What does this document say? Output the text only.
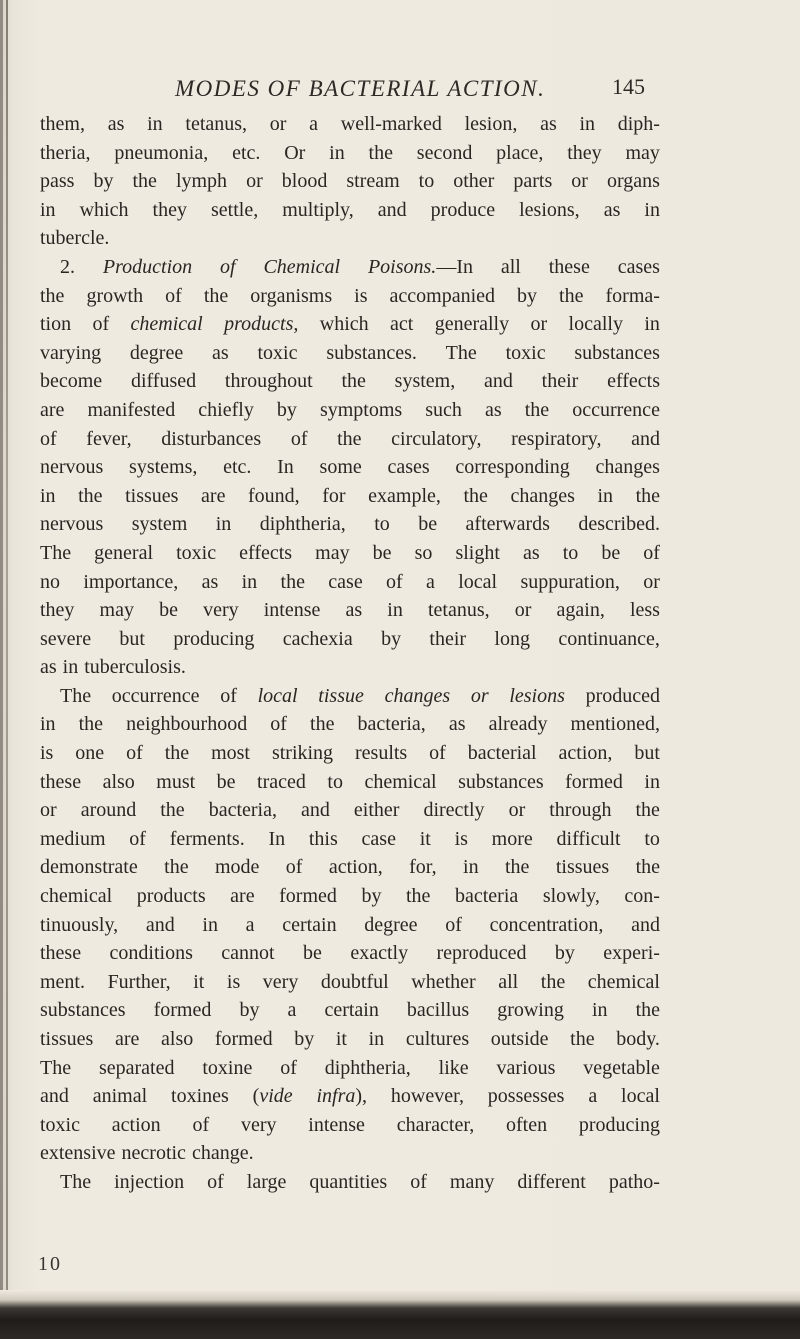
MODES OF BACTERIAL ACTION.	145
them, as in tetanus, or a well-marked lesion, as in diph-
theria, pneumonia, etc. Or in the second place, they may
pass by the lymph or blood stream to other parts or organs
in which they settle, multiply, and produce lesions, as in
tubercle.
2. Production of Chemical Poisons.—In all these cases
the growth of the organisms is accompanied by the forma-
tion of chemical products, which act generally or locally in
varying degree as toxic substances. The toxic substances
become diffused throughout the system, and their effects
are manifested chiefly by symptoms such as the occurrence
of fever, disturbances of the circulatory, respiratory, and
nervous systems, etc. In some cases corresponding changes
in the tissues are found, for example, the changes in the
nervous system in diphtheria, to be afterwards described.
The general toxic effects may be so slight as to be of
no importance, as in the case of a local suppuration, or
they may be very intense as in tetanus, or again, less
severe but producing cachexia by their long continuance,
as in tuberculosis.
The occurrence of local tissue changes or lesions produced
in the neighbourhood of the bacteria, as already mentioned,
is one of the most striking results of bacterial action, but
these also must be traced to chemical substances formed in
or around the bacteria, and either directly or through the
medium of ferments. In this case it is more difficult to
demonstrate the mode of action, for, in the tissues the
chemical products are formed by the bacteria slowly, con-
tinuously, and in a certain degree of concentration, and
these conditions cannot be exactly reproduced by experi-
ment. Further, it is very doubtful whether all the chemical
substances formed by a certain bacillus growing in the
tissues are also formed by it in cultures outside the body.
The separated toxine of diphtheria, like various vegetable
and animal toxines (vide infra), however, possesses a local
toxic action of very intense character, often producing
extensive necrotic change.
The injection of large quantities of many different patho-
10
